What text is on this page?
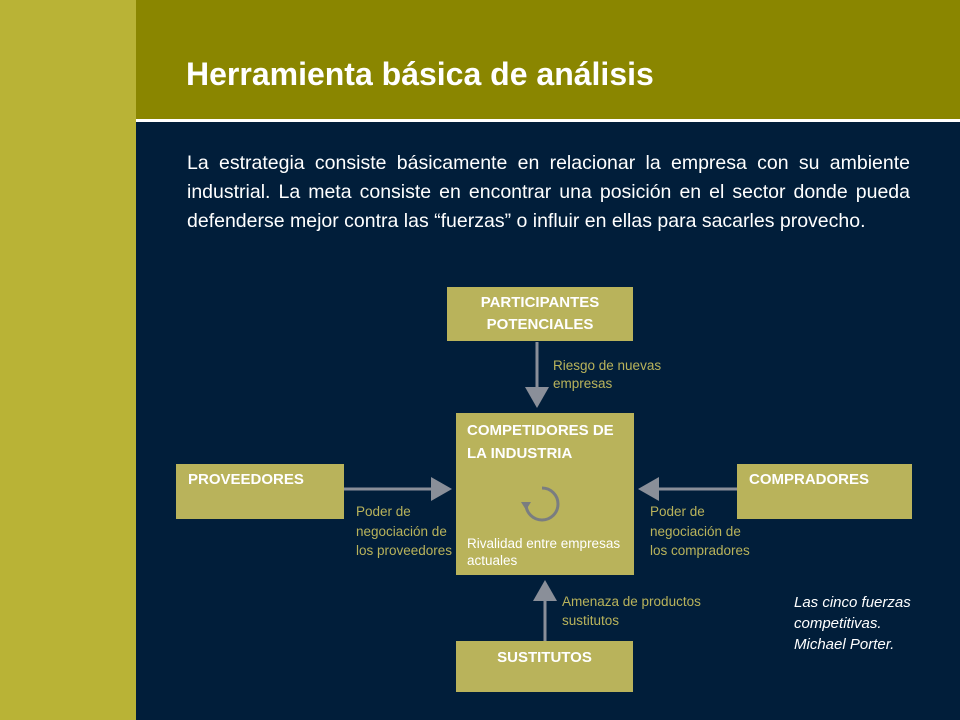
Herramienta básica de análisis
La estrategia consiste básicamente en relacionar la empresa con su ambiente industrial. La meta consiste en encontrar una posición en el sector donde pueda defenderse mejor contra las “fuerzas” o influir en ellas para sacarles provecho.
PARTICIPANTES POTENCIALES
COMPETIDORES DE LA INDUSTRIA
Rivalidad entre empresas actuales
PROVEEDORES	COMPRADORES
SUSTITUTOS
Riesgo de nuevas empresas
Poder de negociación de los proveedores
Poder de negociación de los compradores
Amenaza de productos sustitutos
Las cinco fuerzas competitivas. Michael Porter.
